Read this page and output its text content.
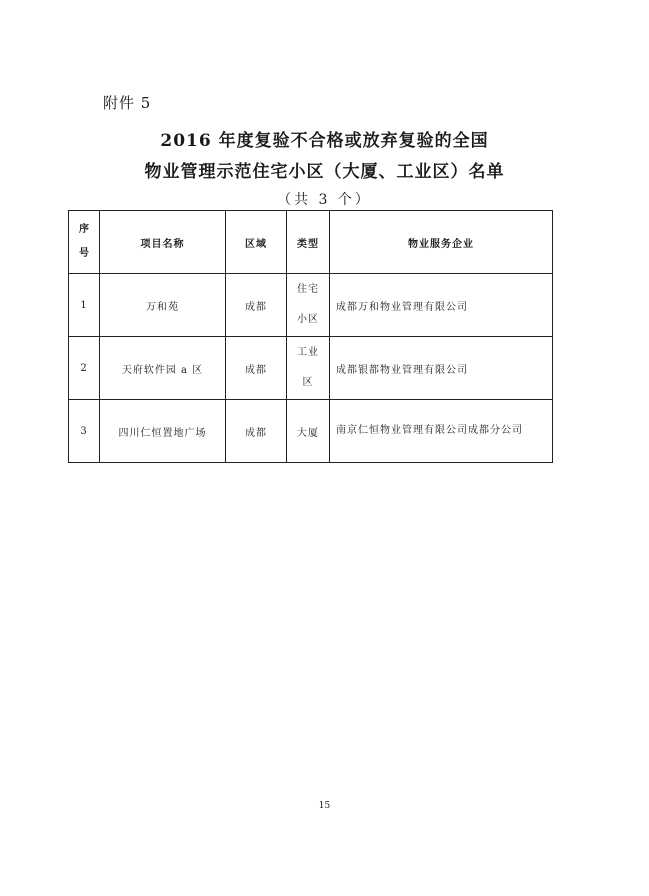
附件 5
2016 年度复验不合格或放弃复验的全国
物业管理示范住宅小区（大厦、工业区）名单
（共 3 个）
序号	项目名称	区域	类型	物业服务企业
1	万和苑	成都	住宅小区	成都万和物业管理有限公司
2	天府软件园 a 区	成都	工业区	成都银都物业管理有限公司
3	四川仁恒置地广场	成都	大厦	南京仁恒物业管理有限公司成都分公司
15
